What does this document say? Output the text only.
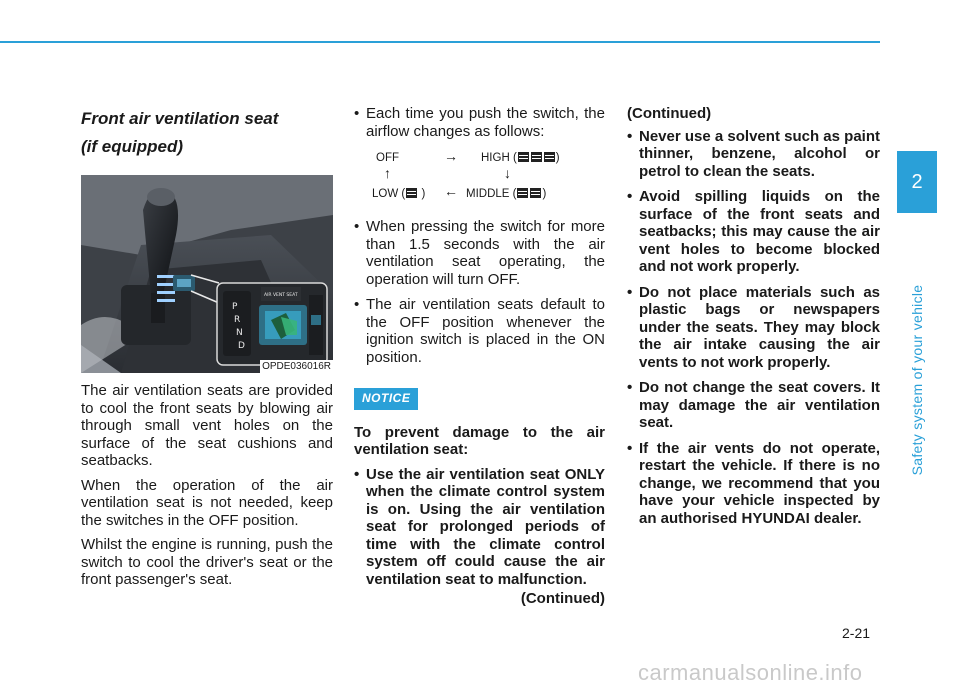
Front air ventilation seat
(if equipped)
P
R
N
D
AIR VENT SEAT
OPDE036016R

The air ventilation seats are provided to cool the front seats by blowing air through small vent holes on the surface of the seat cushions and seatbacks.

When the operation of the air ventilation seat is not needed, keep the switches in the OFF position.

Whilst the engine is running, push the switch to cool the driver's seat or the front passenger's seat.

• Each time you push the switch, the airflow changes as follows:
OFF	→ HIGH (	)
↑	↓
LOW ( ) ← MIDDLE ( )
• When pressing the switch for more than 1.5 seconds with the air ventilation seat operating, the operation will turn OFF.
• The air ventilation seats default to the OFF position whenever the ignition switch is placed in the ON position.
NOTICE

To prevent damage to the air ventilation seat:

• Use the air ventilation seat ONLY when the climate control system is on. Using the air ventilation seat for prolonged periods of time with the climate control system off could cause the air ventilation seat to malfunction.
(Continued)
(Continued)
• Never use a solvent such as paint thinner, benzene, alcohol or petrol to clean the seats.
• Avoid spilling liquids on the surface of the front seats and seatbacks; this may cause the air vent holes to become blocked and not work properly.
• Do not place materials such as plastic bags or newspapers under the seats. They may block the air intake causing the air vents to not work properly.
• Do not change the seat covers. It may damage the air ventilation seat.
• If the air vents do not operate, restart the vehicle. If there is no change, we recommend that you have your vehicle inspected by an authorised HYUNDAI dealer.
2
Safety system of your vehicle
2-21
carmanualsonline.info
